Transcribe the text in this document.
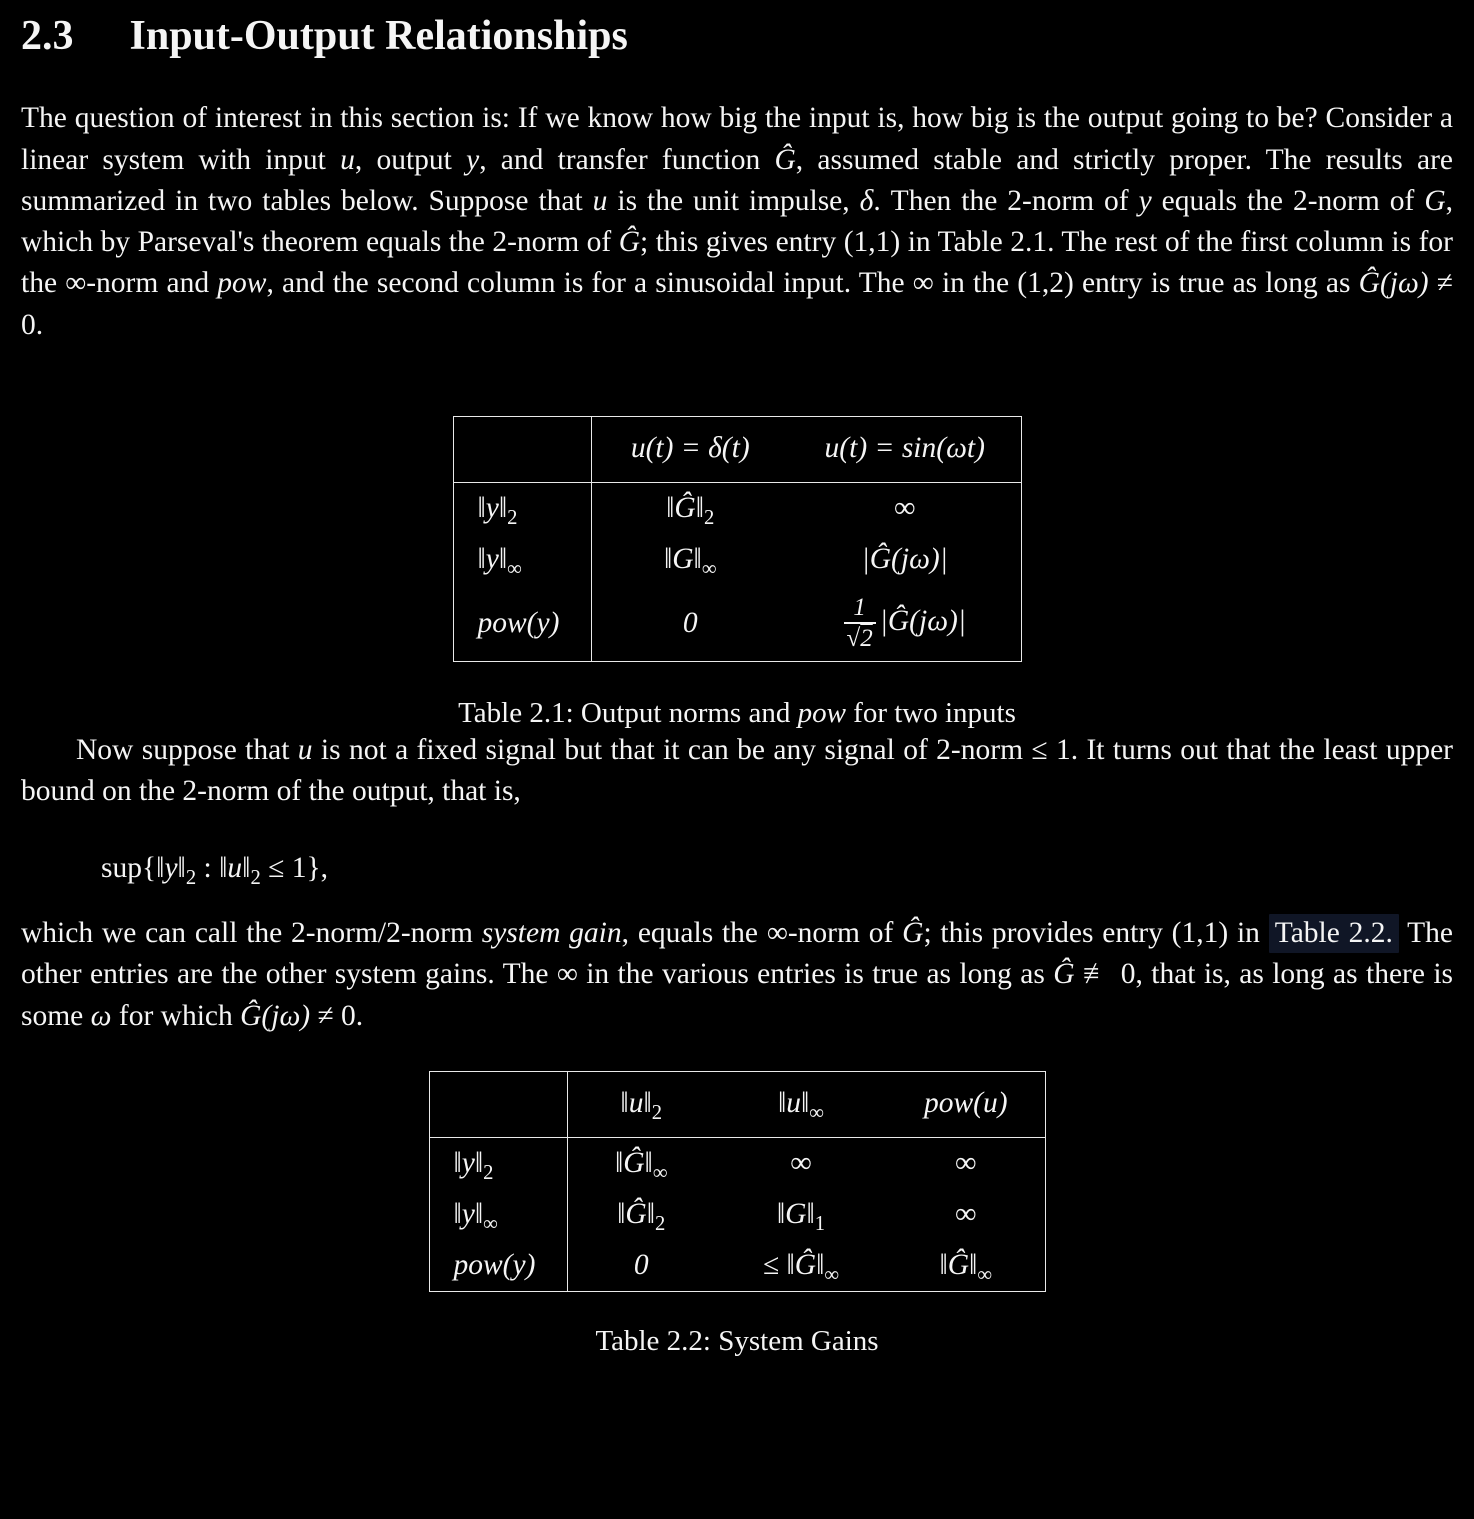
2.3 Input-Output Relationships

The question of interest in this section is: If we know how big the input is, how big is the output going to be? Consider a linear system with input u, output y, and transfer function Ĝ, assumed stable and strictly proper. The results are summarized in two tables below. Suppose that u is the unit impulse, δ. Then the 2-norm of y equals the 2-norm of G, which by Parseval's theorem equals the 2-norm of Ĝ; this gives entry (1,1) in Table 2.1. The rest of the first column is for the ∞-norm and pow, and the second column is for a sinusoidal input. The ∞ in the (1,2) entry is true as long as Ĝ(jω) ≠ 0.

	u(t) = δ(t)	u(t) = sin(ωt)
$‖y‖_2$	$‖Ĝ‖_2$	∞
$‖y‖_\infty$	$‖G‖_\infty$	|Ĝ(jω)|
pow(y)	0	$\frac{1}{√2}$ |Ĝ(jω)|
Table 2.1: Output norms and pow for two inputs

Now suppose that u is not a fixed signal but that it can be any signal of 2-norm ≤ 1. It turns out that the least upper bound on the 2-norm of the output, that is,

$sup\{‖y‖_2$ : $‖u‖_2 \le 1$},

which we can call the 2-norm/2-norm system gain, equals the ∞-norm of Ĝ; this provides entry (1,1) in Table 2.2. The other entries are the other system gains. The ∞ in the various entries is true as long as Ĝ ≢ 0, that is, as long as there is some ω for which Ĝ(jω) ≠ 0.

	$‖u‖_2$	$‖u‖_\infty$	pow(u)
$‖y‖_2$	$‖Ĝ‖_\infty$	∞	∞
$‖y‖_\infty$	$‖Ĝ‖_2$	$‖G‖_1$	∞
pow(y)	0	≤ $‖Ĝ‖_\infty$	$‖Ĝ‖_\infty$
Table 2.2: System Gains
